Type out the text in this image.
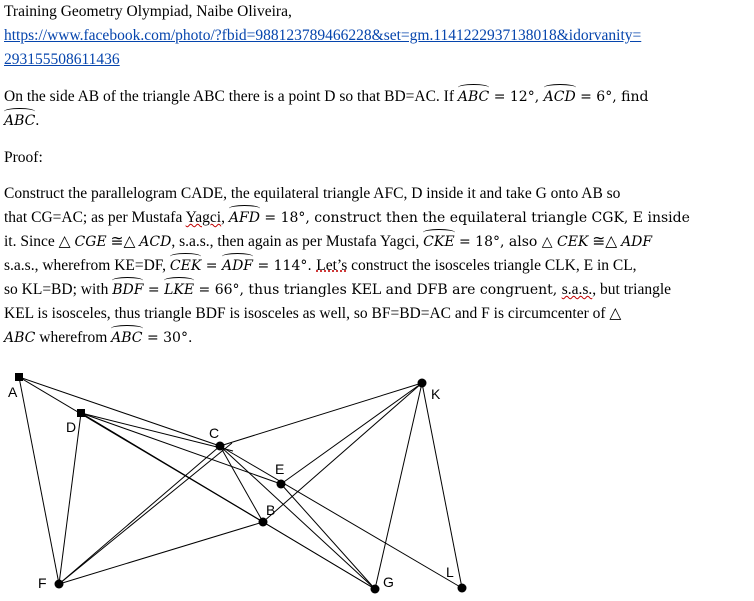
Training Geometry Olympiad, Naibe Oliveira,
https://www.facebook.com/photo/?fbid=988123789466228&set=gm.1141222937138018&idorvanity=
293155508611436
On the side AB of the triangle ABC there is a point D so that BD=AC. If ABC = 12°, ACD = 6°, find
ABC.
Proof:
Construct the parallelogram CADE, the equilateral triangle AFC, D inside it and take G onto AB so
that CG=AC; as per Mustafa Yagci, AFD = 18°, construct then the equilateral triangle CGK, E inside
it. Since △ CGE ≅△ ACD, s.a.s., then again as per Mustafa Yagci, CKE = 18°, also △ CEK ≅△ ADF
s.a.s., wherefrom KE=DF, CEK = ADF = 114°. Let’s construct the isosceles triangle CLK, E in CL,
so KL=BD; with BDF = LKE = 66°, thus triangles KEL and DFB are congruent, s.a.s., but triangle
KEL is isosceles, thus triangle BDF is isosceles as well, so BF=BD=AC and F is circumcenter of △
ABC wherefrom ABC = 30°.
A
D	C
E
B
K
F	G
L
